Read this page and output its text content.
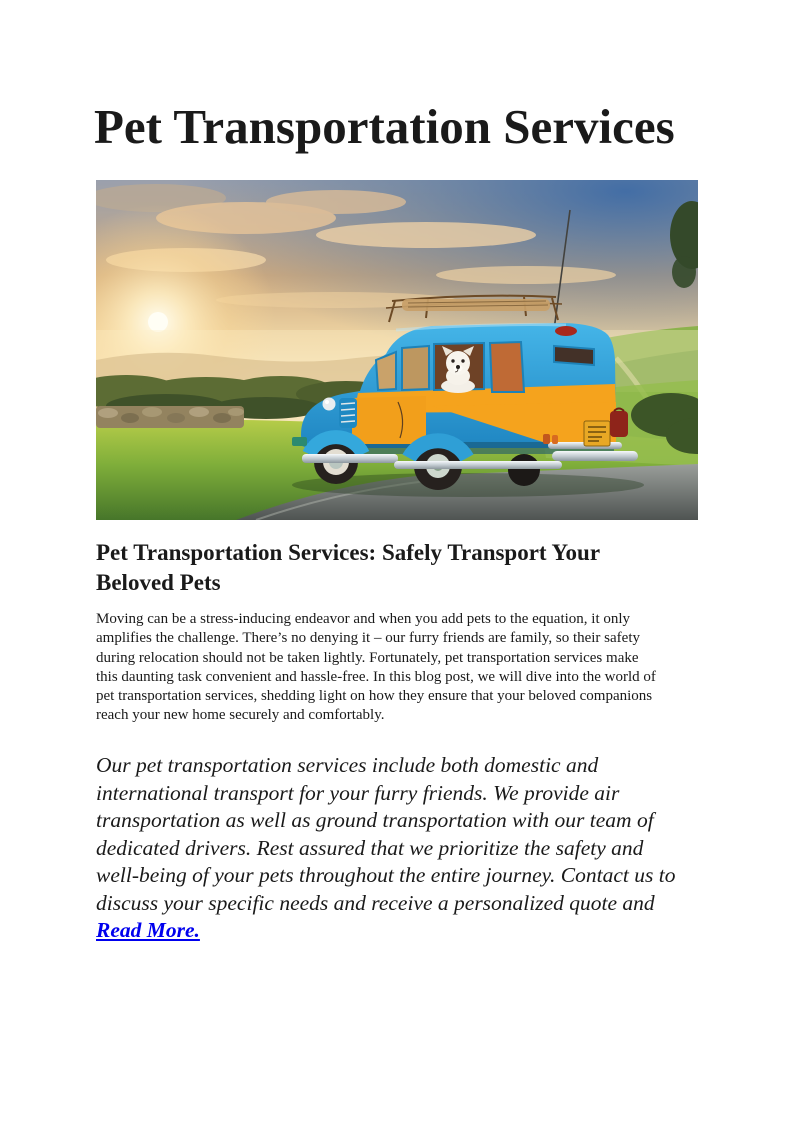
Pet Transportation Services
Pet Transportation Services: Safely Transport Your
Beloved Pets

Moving can be a stress-inducing endeavor and when you add pets to the equation, it only
amplifies the challenge. There’s no denying it – our furry friends are family, so their safety
during relocation should not be taken lightly. Fortunately, pet transportation services make
this daunting task convenient and hassle-free. In this blog post, we will dive into the world of
pet transportation services, shedding light on how they ensure that your beloved companions
reach your new home securely and comfortably.

Our pet transportation services include both domestic and
international transport for your furry friends. We provide air
transportation as well as ground transportation with our team of
dedicated drivers. Rest assured that we prioritize the safety and
well-being of your pets throughout the entire journey. Contact us to
discuss your specific needs and receive a personalized quote and
Read More.
